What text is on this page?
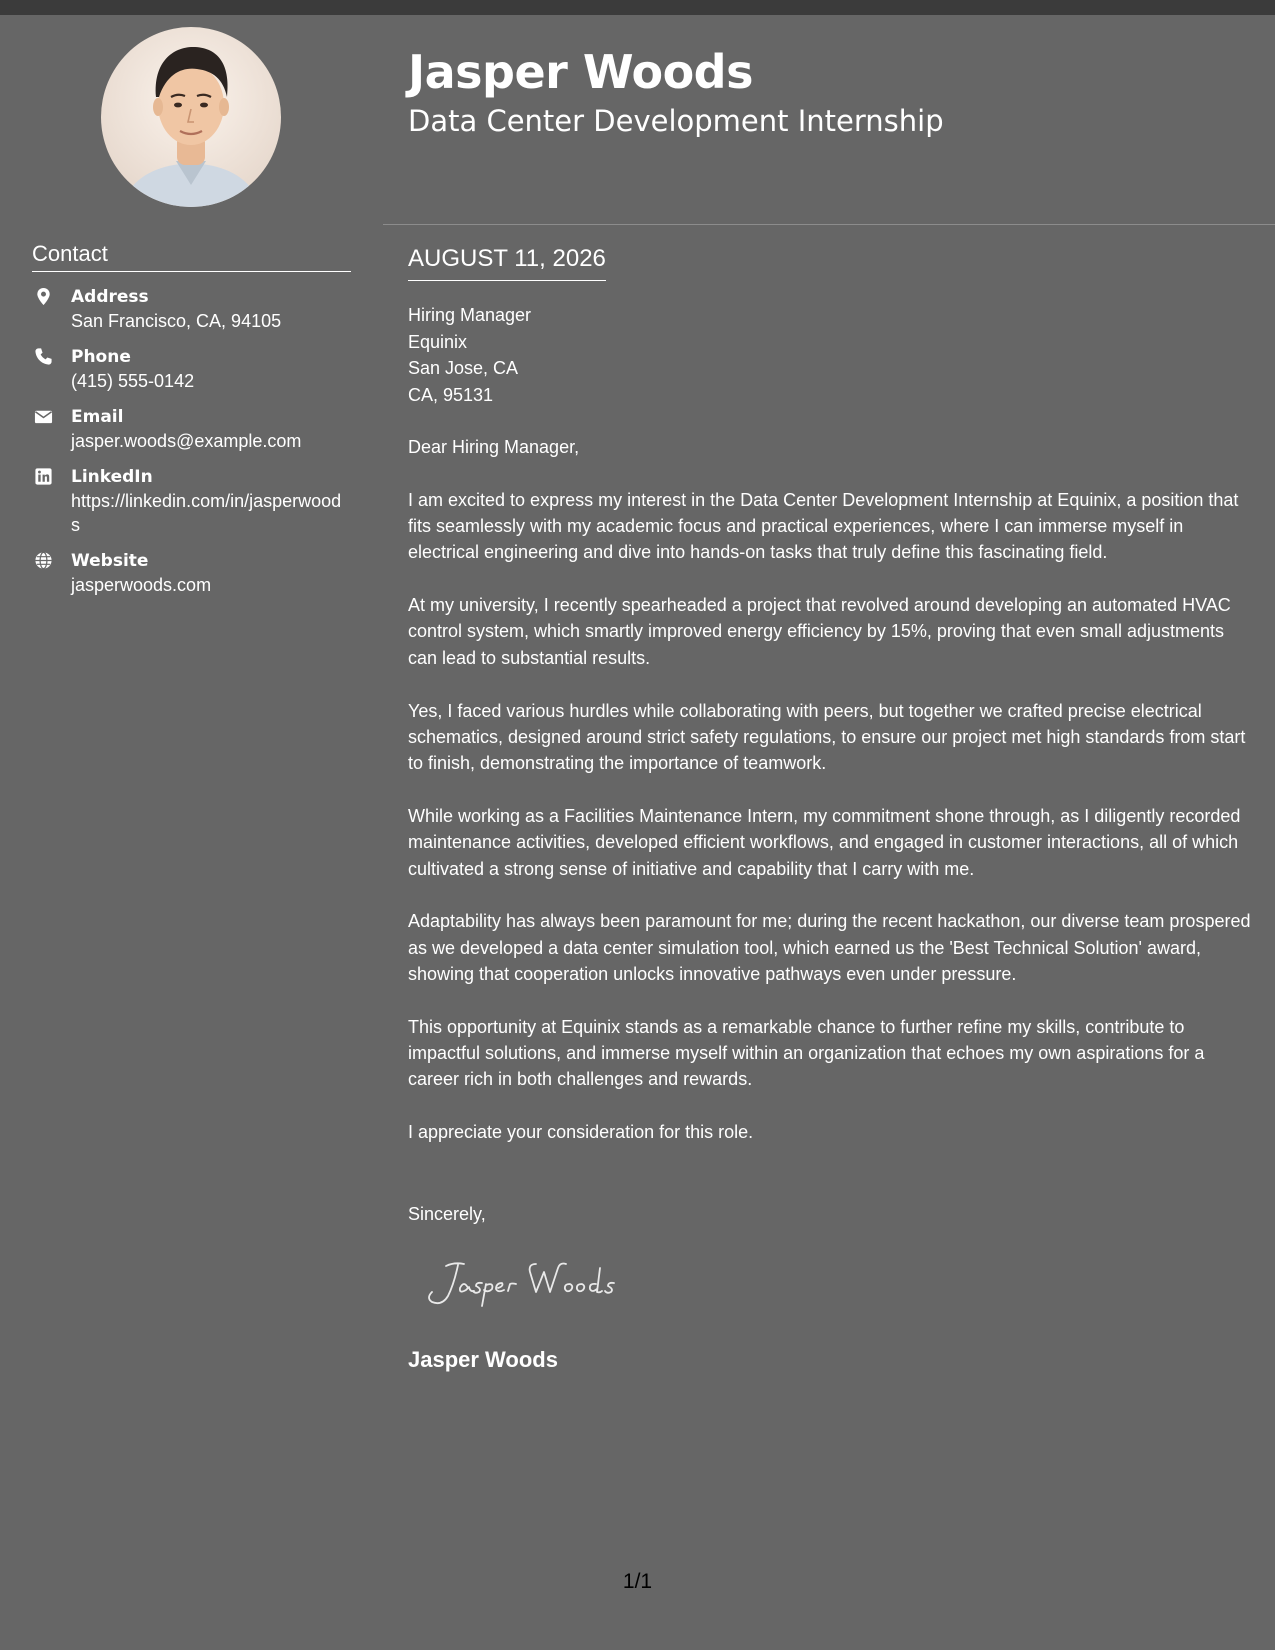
Contact
Address
San Francisco, CA, 94105
Phone
(415) 555-0142
Email
jasper.woods@example.com
LinkedIn
https://linkedin.com/in/jasperwoods
Website
jasperwoods.com
Jasper Woods
Data Center Development Internship
AUGUST 11, 2026
Hiring Manager
Equinix
San Jose, CA
CA, 95131

Dear Hiring Manager,

I am excited to express my interest in the Data Center Development Internship at Equinix, a position that fits seamlessly with my academic focus and practical experiences, where I can immerse myself in electrical engineering and dive into hands-on tasks that truly define this fascinating field.

At my university, I recently spearheaded a project that revolved around developing an automated HVAC control system, which smartly improved energy efficiency by 15%, proving that even small adjustments can lead to substantial results.

Yes, I faced various hurdles while collaborating with peers, but together we crafted precise electrical schematics, designed around strict safety regulations, to ensure our project met high standards from start to finish, demonstrating the importance of teamwork.

While working as a Facilities Maintenance Intern, my commitment shone through, as I diligently recorded maintenance activities, developed efficient workflows, and engaged in customer interactions, all of which cultivated a strong sense of initiative and capability that I carry with me.

Adaptability has always been paramount for me; during the recent hackathon, our diverse team prospered as we developed a data center simulation tool, which earned us the 'Best Technical Solution' award, showing that cooperation unlocks innovative pathways even under pressure.

This opportunity at Equinix stands as a remarkable chance to further refine my skills, contribute to impactful solutions, and immerse myself within an organization that echoes my own aspirations for a career rich in both challenges and rewards.

I appreciate your consideration for this role.

Sincerely,
Jasper Woods
1/1
